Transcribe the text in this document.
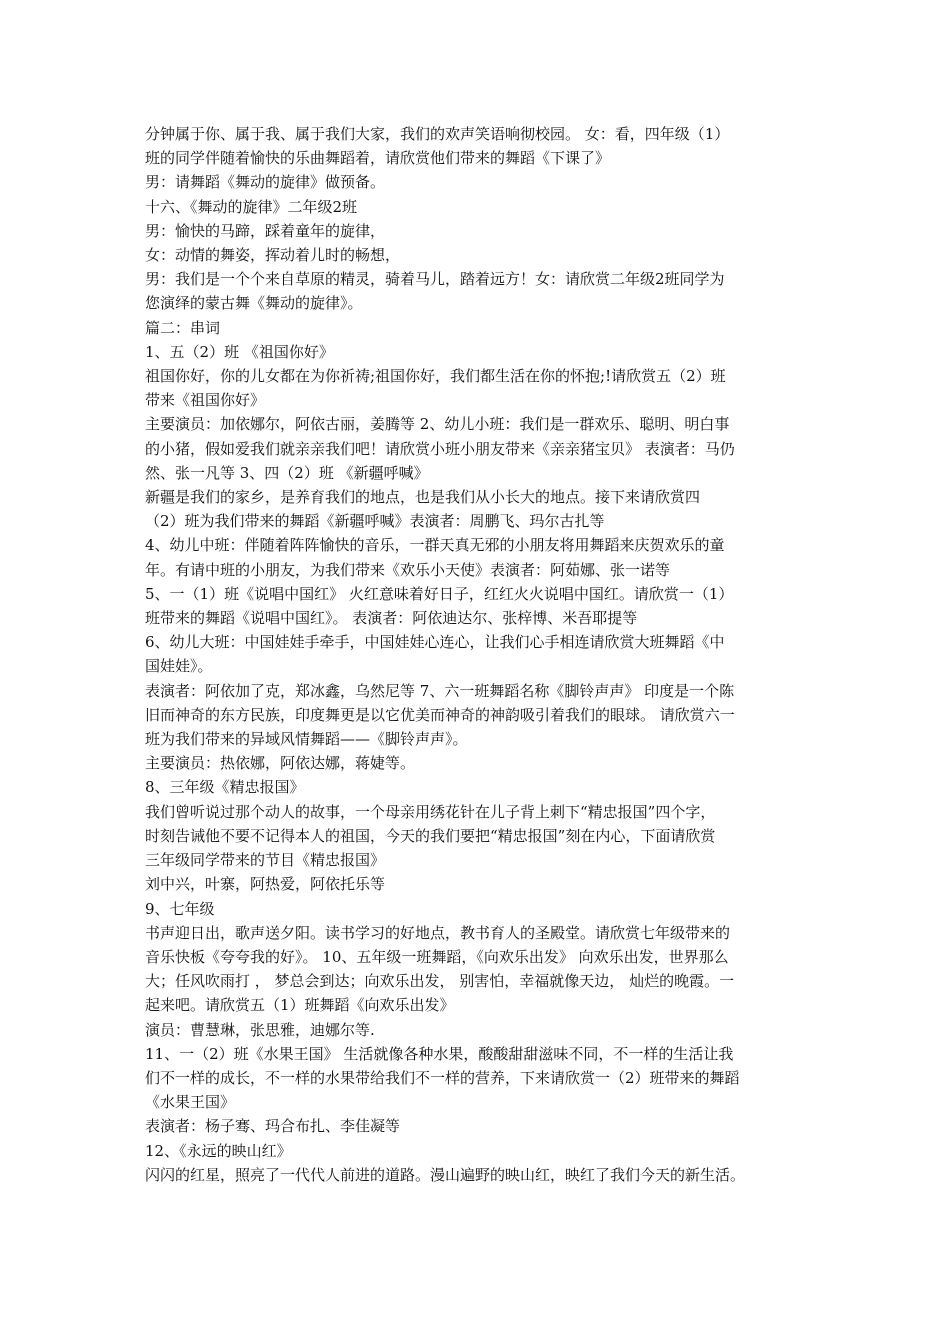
分钟属于你、属于我、属于我们大家，我们的欢声笑语响彻校园。 女：看，四年级（1）

班的同学伴随着愉快的乐曲舞蹈着，请欣赏他们带来的舞蹈《下课了》

男：请舞蹈《舞动的旋律》做预备。

十六、《舞动的旋律》二年级2班

男：愉快的马蹄，踩着童年的旋律，

女：动情的舞姿，挥动着儿时的畅想，

男：我们是一个个来自草原的精灵，骑着马儿，踏着远方！女：请欣赏二年级2班同学为

您演绎的蒙古舞《舞动的旋律》。

篇二：串词

1、五（2）班 《祖国你好》

祖国你好，你的儿女都在为你祈祷;祖国你好，我们都生活在你的怀抱;!请欣赏五（2）班

带来《祖国你好》

主要演员：加依娜尔，阿依古丽，姜腾等 2、幼儿小班：我们是一群欢乐、聪明、明白事

的小猪，假如爱我们就亲亲我们吧！请欣赏小班小朋友带来《亲亲猪宝贝》 表演者：马仍

然、张一凡等 3、四（2）班 《新疆呼喊》

新疆是我们的家乡，是养育我们的地点，也是我们从小长大的地点。接下来请欣赏四

（2）班为我们带来的舞蹈《新疆呼喊》表演者：周鹏飞、玛尔古扎等

4、幼儿中班：伴随着阵阵愉快的音乐，一群天真无邪的小朋友将用舞蹈来庆贺欢乐的童

年。有请中班的小朋友，为我们带来《欢乐小天使》表演者：阿茹娜、张一诺等

5、一（1）班《说唱中国红》 火红意味着好日子，红红火火说唱中国红。请欣赏一（1）

班带来的舞蹈《说唱中国红》。 表演者：阿依迪达尔、张梓博、米吾耶提等

6、幼儿大班：中国娃娃手牵手，中国娃娃心连心，让我们心手相连请欣赏大班舞蹈《中

国娃娃》。

表演者：阿依加了克，郑冰鑫，乌然尼等 7、六一班舞蹈名称《脚铃声声》 印度是一个陈

旧而神奇的东方民族，印度舞更是以它优美而神奇的神韵吸引着我们的眼球。 请欣赏六一

班为我们带来的异域风情舞蹈——《脚铃声声》。

主要演员：热依娜，阿依达娜，蒋婕等。

8、三年级《精忠报国》

我们曾听说过那个动人的故事，一个母亲用绣花针在儿子背上刺下“精忠报国”四个字，

时刻告诫他不要不记得本人的祖国，今天的我们要把“精忠报国”刻在内心，下面请欣赏

三年级同学带来的节目《精忠报国》

刘中兴，叶寨，阿热爱，阿依托乐等

9、七年级

书声迎日出，歌声送夕阳。读书学习的好地点，教书育人的圣殿堂。请欣赏七年级带来的

音乐快板《夸夸我的好》。 10、五年级一班舞蹈，《向欢乐出发》 向欢乐出发，世界那么

大；任风吹雨打 ， 梦总会到达；向欢乐出发， 别害怕，幸福就像天边， 灿烂的晚霞。一

起来吧。请欣赏五（1）班舞蹈《向欢乐出发》

演员：曹慧琳，张思雅，迪娜尔等.

11、一（2）班《水果王国》 生活就像各种水果，酸酸甜甜滋味不同，不一样的生活让我

们不一样的成长，不一样的水果带给我们不一样的营养，下来请欣赏一（2）班带来的舞蹈

《水果王国》

表演者：杨子骞、玛合布扎、李佳凝等

12、《永远的映山红》

闪闪的红星，照亮了一代代人前进的道路。漫山遍野的映山红，映红了我们今天的新生活。
